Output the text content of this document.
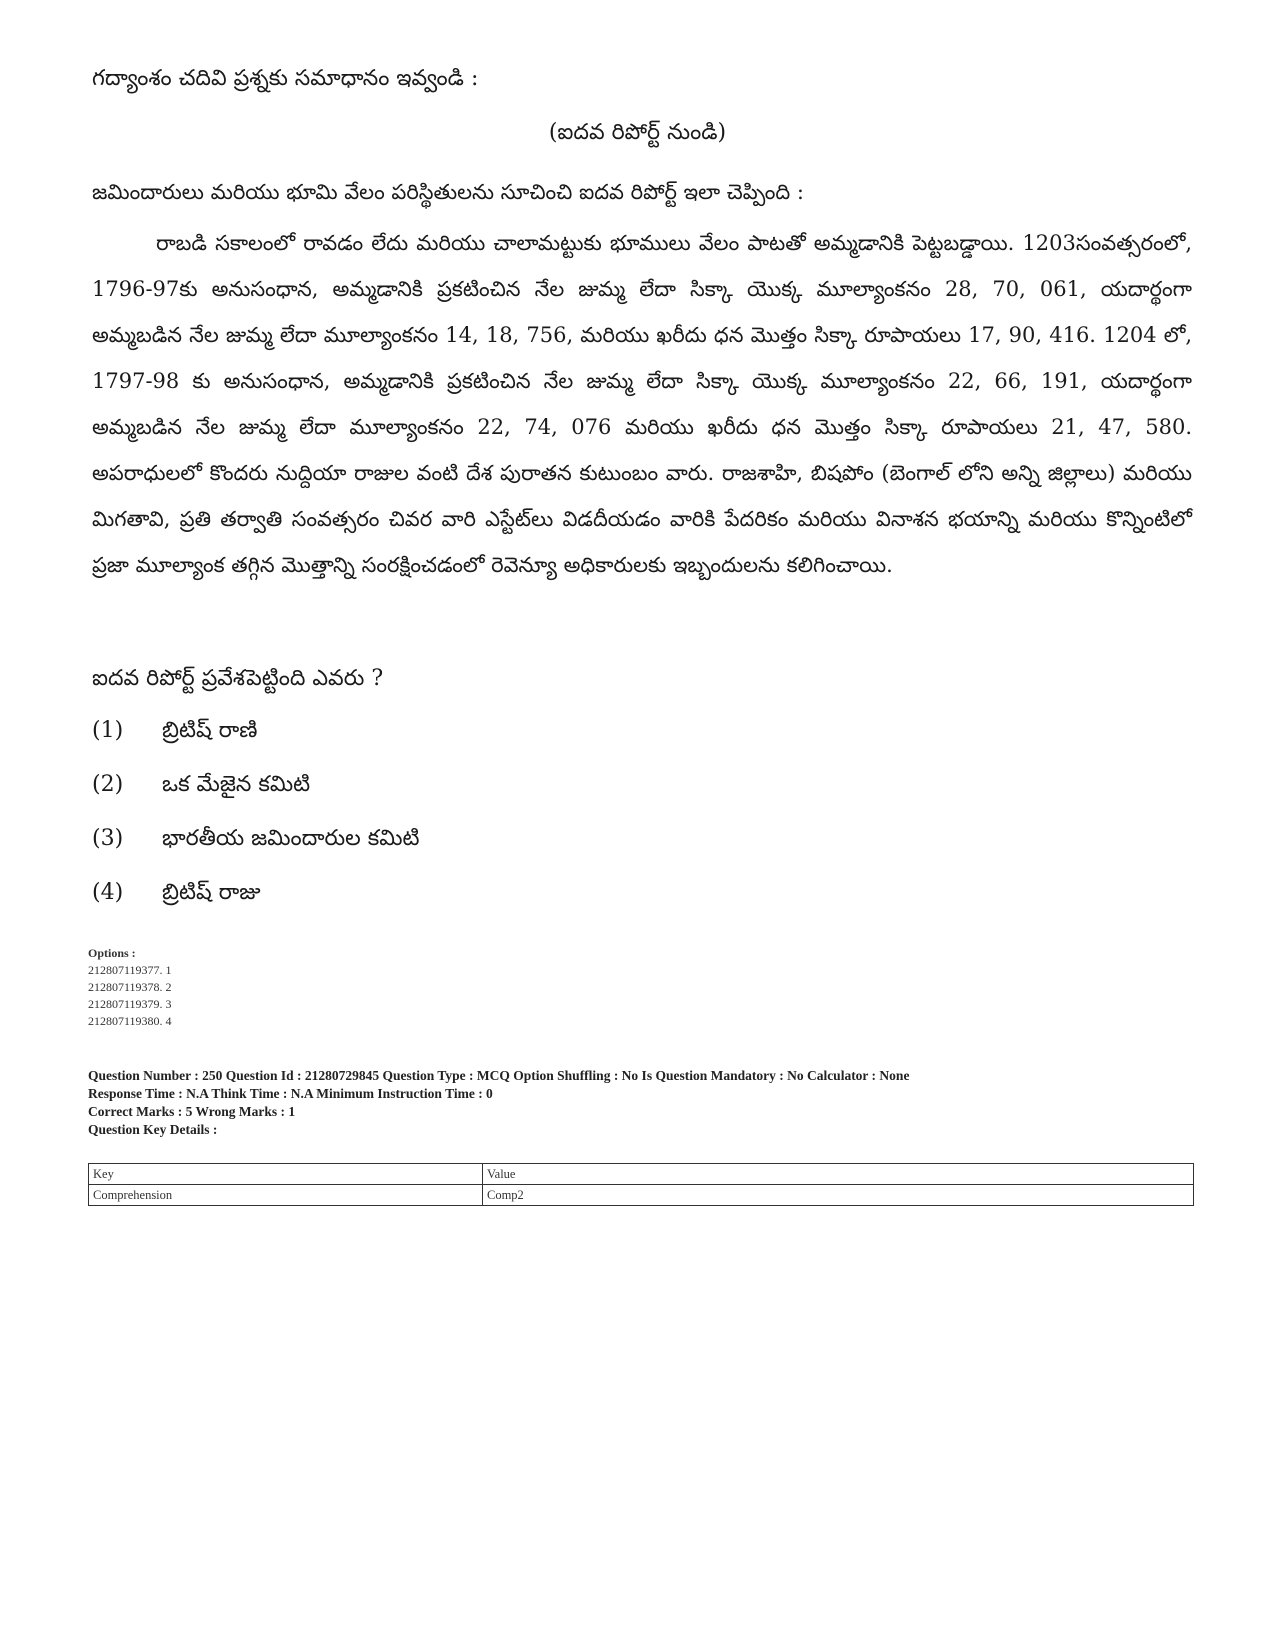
గద్యాంశం చదివి ప్రశ్నకు సమాధానం ఇవ్వండి :
(ఐదవ రిపోర్ట్ నుండి)

జమిందారులు మరియు భూమి వేలం పరిస్థితులను సూచించి ఐదవ రిపోర్ట్ ఇలా చెప్పింది :

రాబడి సకాలంలో రావడం లేదు మరియు చాలామట్టుకు భూములు వేలం పాటతో అమ్మడానికి పెట్టబడ్డాయి. 1203సంవత్సరంలో, 1796-97కు అనుసంధాన, అమ్మడానికి ప్రకటించిన నేల జుమ్మ లేదా సిక్కా యొక్క మూల్యాంకనం 28, 70, 061, యదార్థంగా అమ్మబడిన నేల జుమ్మ లేదా మూల్యాంకనం 14, 18, 756, మరియు ఖరీదు ధన మొత్తం సిక్కా రూపాయలు 17, 90, 416. 1204 లో, 1797-98 కు అనుసంధాన, అమ్మడానికి ప్రకటించిన నేల జుమ్మ లేదా సిక్కా యొక్క మూల్యాంకనం 22, 66, 191, యదార్థంగా అమ్మబడిన నేల జుమ్మ లేదా మూల్యాంకనం 22, 74, 076 మరియు ఖరీదు ధన మొత్తం సిక్కా రూపాయలు 21, 47, 580. అపరాధులలో కొందరు నుద్దియా రాజుల వంటి దేశ పురాతన కుటుంబం వారు. రాజశాహి, బిషపోం (బెంగాల్ లోని అన్ని జిల్లాలు) మరియు మిగతావి, ప్రతి తర్వాతి సంవత్సరం చివర వారి ఎస్టేట్‌లు విడదీయడం వారికి పేదరికం మరియు వినాశన భయాన్ని మరియు కొన్నింటిలో ప్రజా మూల్యాంక తగ్గిన మొత్తాన్ని సంరక్షించడంలో రెవెన్యూ అధికారులకు ఇబ్బందులను కలిగించాయి.

ఐదవ రిపోర్ట్ ప్రవేశపెట్టింది ఎవరు ?
(1)	బ్రిటిష్ రాణి
(2)	ఒక మేజైన కమిటి
(3)	భారతీయ జమిందారుల కమిటి
(4)	బ్రిటిష్ రాజు
Options :
212807119377. 1
212807119378. 2
212807119379. 3
212807119380. 4
Question Number : 250 Question Id : 21280729845 Question Type : MCQ Option Shuffling : No Is Question Mandatory : No Calculator : None
Response Time : N.A Think Time : N.A Minimum Instruction Time : 0
Correct Marks : 5 Wrong Marks : 1
Question Key Details :
Key	Value
Comprehension	Comp2
